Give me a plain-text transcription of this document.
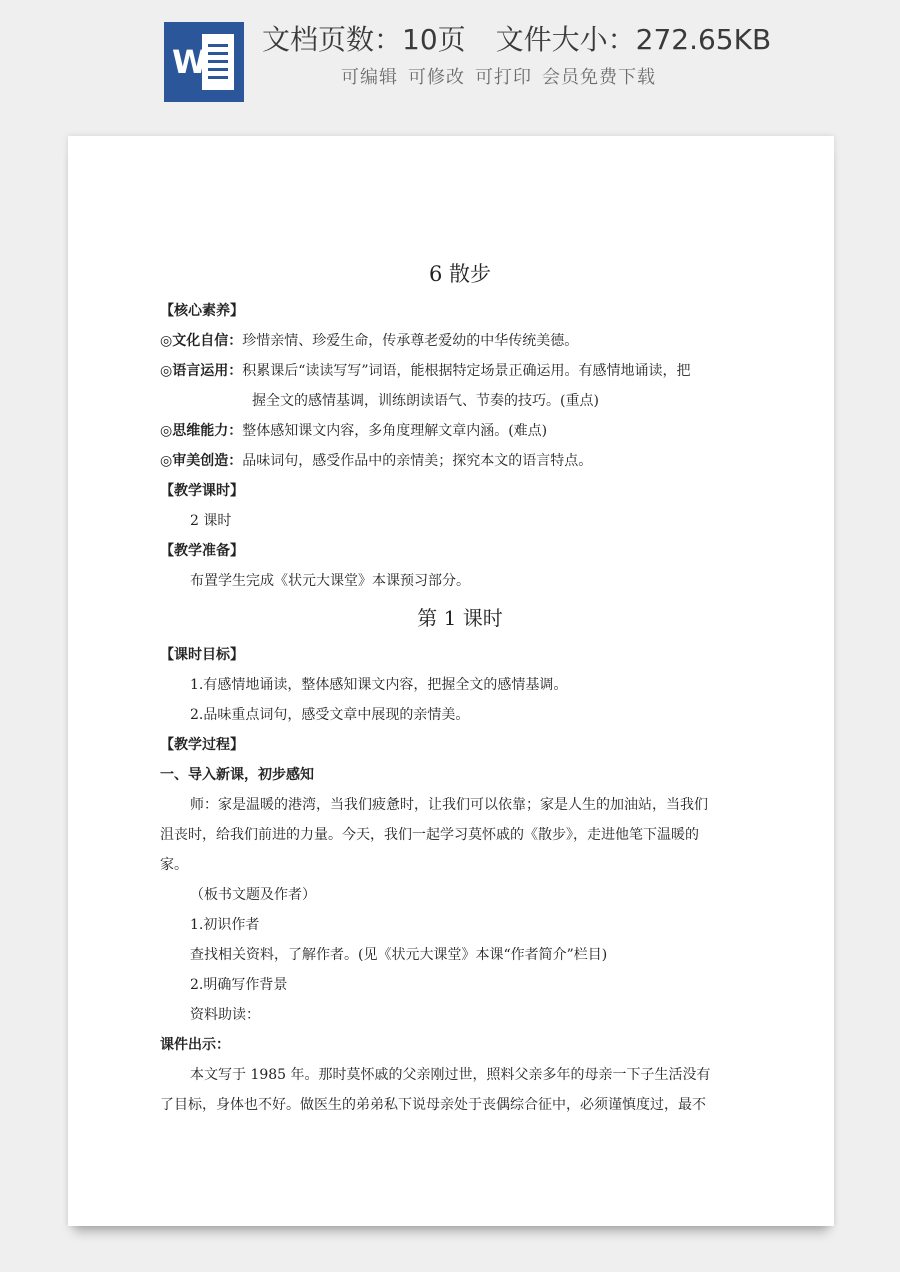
W
文档页数：10页 文件大小：272.65KB
可编辑 可修改 可打印 会员免费下载
6 散步
【核心素养】
◎文化自信：珍惜亲情、珍爱生命，传承尊老爱幼的中华传统美德。
◎语言运用：积累课后“读读写写”词语，能根据特定场景正确运用。有感情地诵读，把
握全文的感情基调，训练朗读语气、节奏的技巧。(重点)
◎思维能力：整体感知课文内容，多角度理解文章内涵。(难点)
◎审美创造：品味词句，感受作品中的亲情美；探究本文的语言特点。
【教学课时】
2 课时
【教学准备】
布置学生完成《状元大课堂》本课预习部分。
第 1 课时
【课时目标】
1.有感情地诵读，整体感知课文内容，把握全文的感情基调。
2.品味重点词句，感受文章中展现的亲情美。
【教学过程】
一、导入新课，初步感知
师：家是温暖的港湾，当我们疲惫时，让我们可以依靠；家是人生的加油站，当我们
沮丧时，给我们前进的力量。今天，我们一起学习莫怀戚的《散步》，走进他笔下温暖的
家。
（板书文题及作者）
1.初识作者
查找相关资料，了解作者。(见《状元大课堂》本课“作者简介”栏目)
2.明确写作背景
资料助读：
课件出示：
本文写于 1985 年。那时莫怀戚的父亲刚过世，照料父亲多年的母亲一下子生活没有
了目标，身体也不好。做医生的弟弟私下说母亲处于丧偶综合征中，必须谨慎度过，最不
